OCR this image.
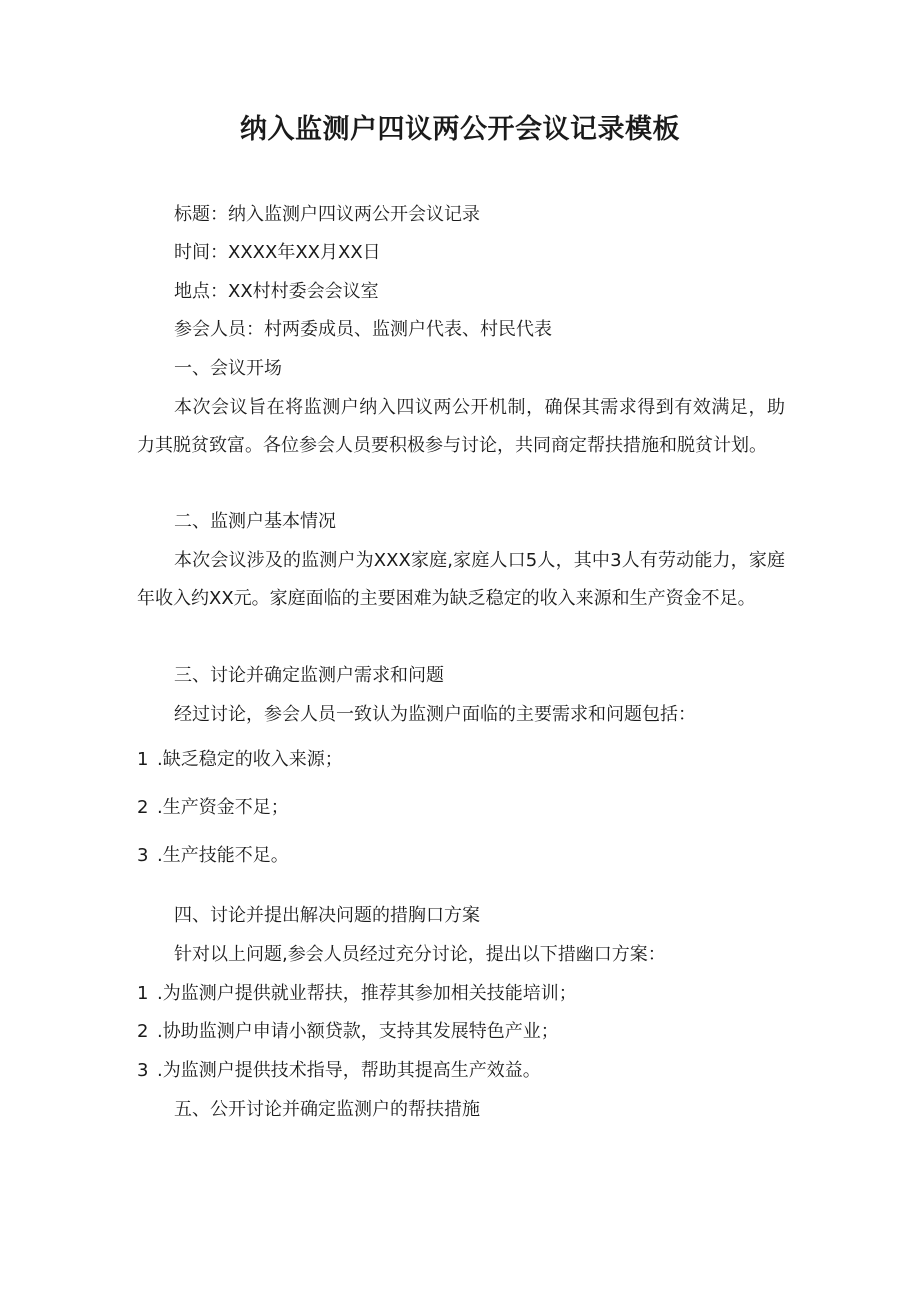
纳入监测户四议两公开会议记录模板
标题：纳入监测户四议两公开会议记录
时间：XXXX年XX月XX日
地点：XX村村委会会议室
参会人员：村两委成员、监测户代表、村民代表
一、会议开场
本次会议旨在将监测户纳入四议两公开机制，确保其需求得到有效满足，助力其脱贫致富。各位参会人员要积极参与讨论，共同商定帮扶措施和脱贫计划。
二、监测户基本情况
本次会议涉及的监测户为XXX家庭,家庭人口5人，其中3人有劳动能力，家庭年收入约XX元。家庭面临的主要困难为缺乏稳定的收入来源和生产资金不足。
三、讨论并确定监测户需求和问题
经过讨论，参会人员一致认为监测户面临的主要需求和问题包括：
1 .缺乏稳定的收入来源；
2 .生产资金不足；
3 .生产技能不足。
四、讨论并提出解决问题的措胸口方案
针对以上问题,参会人员经过充分讨论，提出以下措幽口方案：
1 .为监测户提供就业帮扶，推荐其参加相关技能培训；
2 .协助监测户申请小额贷款，支持其发展特色产业；
3 .为监测户提供技术指导，帮助其提高生产效益。
五、公开讨论并确定监测户的帮扶措施
